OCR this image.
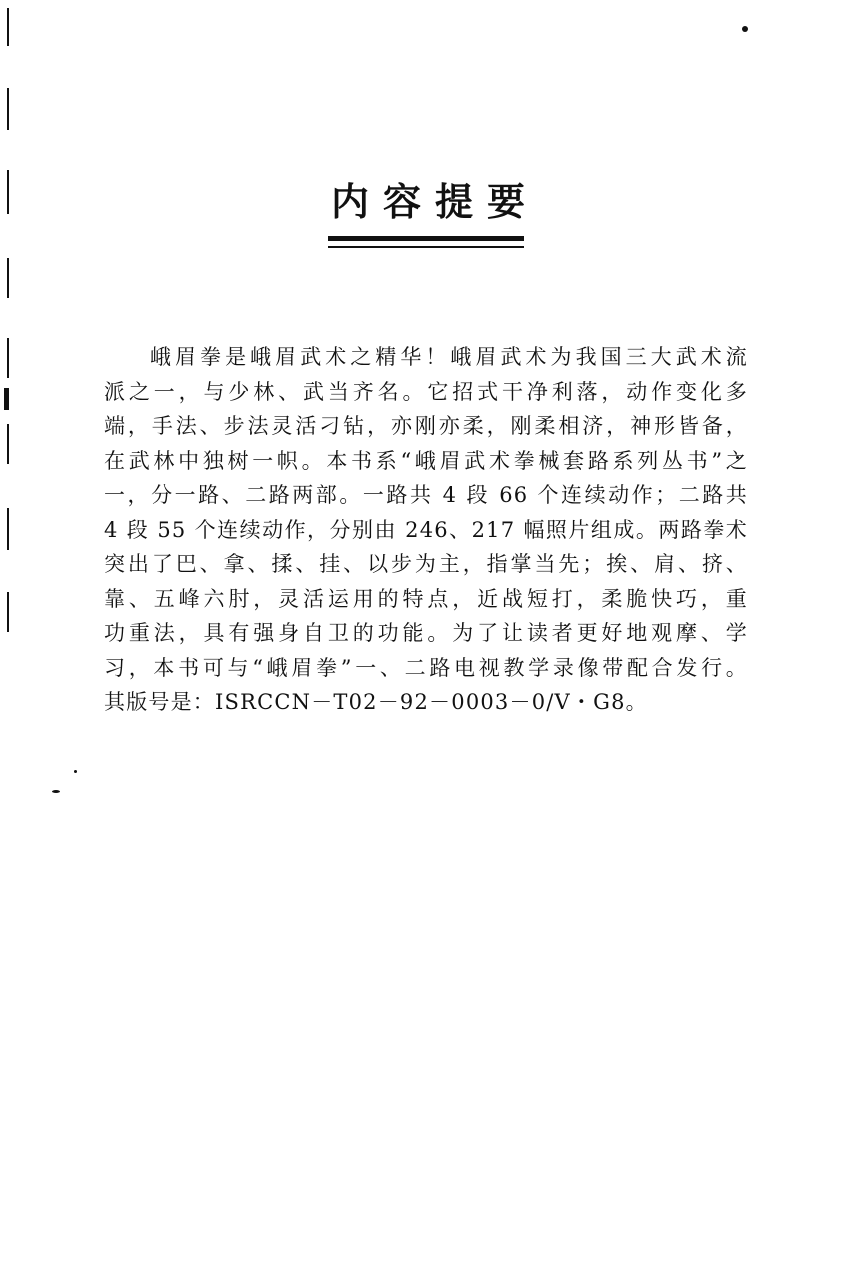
内容提要
峨眉拳是峨眉武术之精华！峨眉武术为我国三大武术流
派之一，与少林、武当齐名。它招式干净利落，动作变化多
端，手法、步法灵活刁钻，亦刚亦柔，刚柔相济，神形皆备，
在武林中独树一帜。本书系“峨眉武术拳械套路系列丛书”之
一，分一路、二路两部。一路共 4 段 66 个连续动作；二路共
4 段 55 个连续动作，分别由 246、217 幅照片组成。两路拳术
突出了巴、拿、揉、挂、以步为主，指掌当先；挨、肩、挤、
靠、五峰六肘，灵活运用的特点，近战短打，柔脆快巧，重
功重法，具有强身自卫的功能。为了让读者更好地观摩、学
习，本书可与“峨眉拳”一、二路电视教学录像带配合发行。
其版号是：ISRCCN－T02－92－0003－0/V・G8。
